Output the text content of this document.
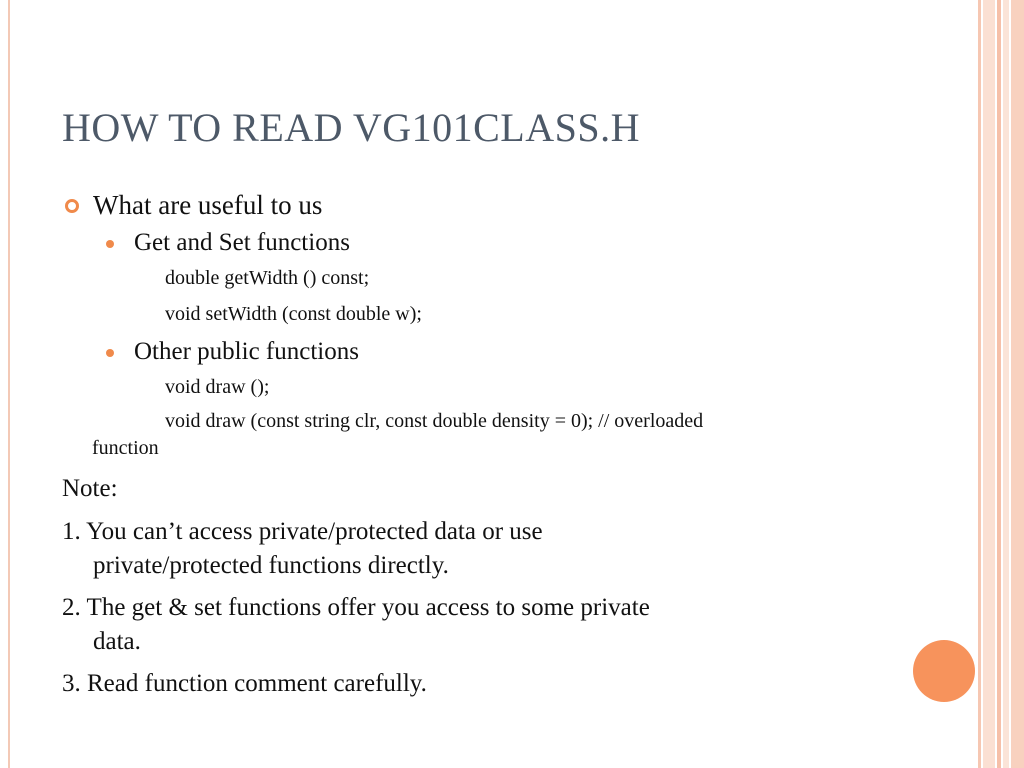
HOW TO READ VG101CLASS.H
What are useful to us
Get and Set functions
double getWidth () const;
void setWidth (const double w);
Other public functions
void draw ();
void draw (const string clr, const double density = 0); // overloaded
function
Note:
1. You can’t access private/protected data or use
private/protected functions directly.
2. The get & set functions offer you access to some private
data.
3. Read function comment carefully.
